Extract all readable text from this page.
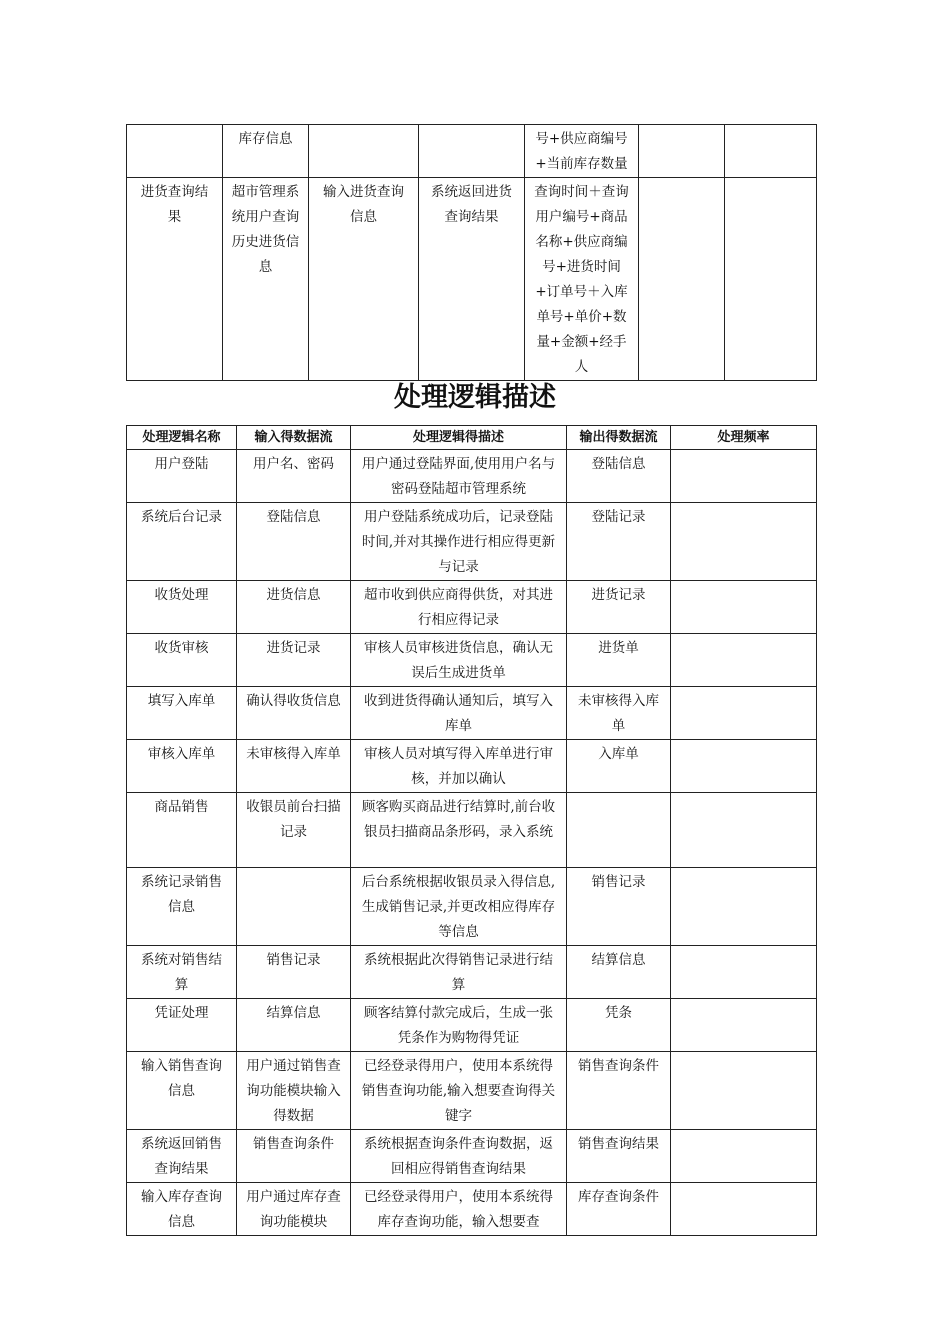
	库存信息			号+供应商编号+当前库存数量		
进货查询结果	超市管理系统用户查询历史进货信息	输入进货查询信息	系统返回进货查询结果	查询时间＋查询用户编号+商品名称+供应商编号+进货时间+订单号＋入库单号+单价+数量+金额+经手人		
处理逻辑描述
处理逻辑名称	输入得数据流	处理逻辑得描述	输出得数据流	处理频率
用户登陆	用户名、密码	用户通过登陆界面,使用用户名与密码登陆超市管理系统	登陆信息	
系统后台记录	登陆信息	用户登陆系统成功后，记录登陆时间,并对其操作进行相应得更新与记录	登陆记录	
收货处理	进货信息	超市收到供应商得供货，对其进行相应得记录	进货记录	
收货审核	进货记录	审核人员审核进货信息，确认无误后生成进货单	进货单	
填写入库单	确认得收货信息	收到进货得确认通知后，填写入库单	未审核得入库单	
审核入库单	未审核得入库单	审核人员对填写得入库单进行审核，并加以确认	入库单	
商品销售	收银员前台扫描记录	顾客购买商品进行结算时,前台收银员扫描商品条形码，录入系统		
系统记录销售信息		后台系统根据收银员录入得信息,生成销售记录,并更改相应得库存等信息	销售记录	
系统对销售结算	销售记录	系统根据此次得销售记录进行结算	结算信息	
凭证处理	结算信息	顾客结算付款完成后，生成一张凭条作为购物得凭证	凭条	
输入销售查询信息	用户通过销售查询功能模块输入得数据	已经登录得用户，使用本系统得销售查询功能,输入想要查询得关键字	销售查询条件	
系统返回销售查询结果	销售查询条件	系统根据查询条件查询数据，返回相应得销售查询结果	销售查询结果	
输入库存查询信息	用户通过库存查询功能模块	已经登录得用户，使用本系统得库存查询功能，输入想要查	库存查询条件	
